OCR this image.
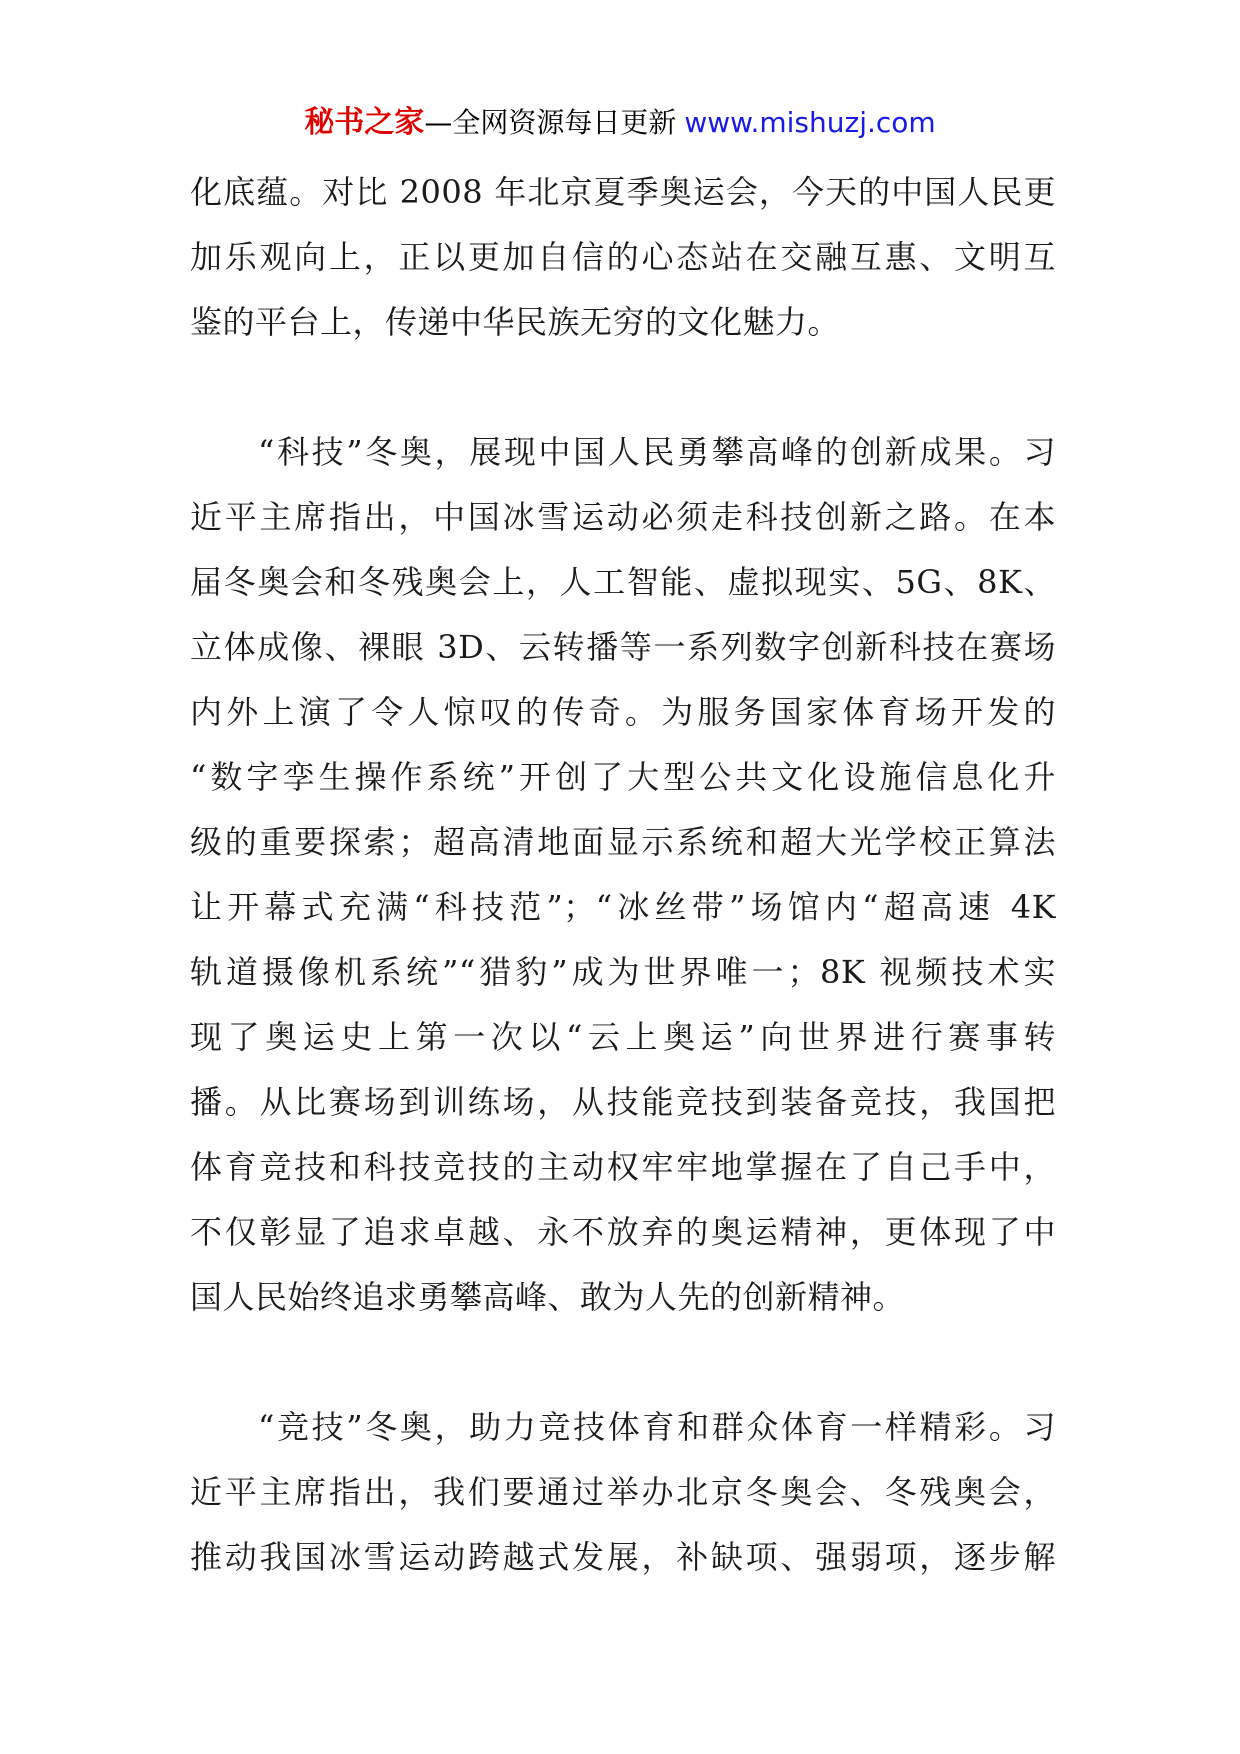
秘书之家—全网资源每日更新 www.mishuzj.com
化底蕴。对比 2008 年北京夏季奥运会，今天的中国人民更
加乐观向上，正以更加自信的心态站在交融互惠、文明互
鉴的平台上，传递中华民族无穷的文化魅力。
“科技”冬奥，展现中国人民勇攀高峰的创新成果。习
近平主席指出，中国冰雪运动必须走科技创新之路。在本
届冬奥会和冬残奥会上，人工智能、虚拟现实、5G、8K、
立体成像、裸眼 3D、云转播等一系列数字创新科技在赛场
内外上演了令人惊叹的传奇。为服务国家体育场开发的
“数字孪生操作系统”开创了大型公共文化设施信息化升
级的重要探索；超高清地面显示系统和超大光学校正算法
让开幕式充满“科技范”；“冰丝带”场馆内“超高速 4K
轨道摄像机系统”“猎豹”成为世界唯一；8K 视频技术实
现了奥运史上第一次以“云上奥运”向世界进行赛事转
播。从比赛场到训练场，从技能竞技到装备竞技，我国把
体育竞技和科技竞技的主动权牢牢地掌握在了自己手中，
不仅彰显了追求卓越、永不放弃的奥运精神，更体现了中
国人民始终追求勇攀高峰、敢为人先的创新精神。
“竞技”冬奥，助力竞技体育和群众体育一样精彩。习
近平主席指出，我们要通过举办北京冬奥会、冬残奥会，
推动我国冰雪运动跨越式发展，补缺项、强弱项，逐步解
